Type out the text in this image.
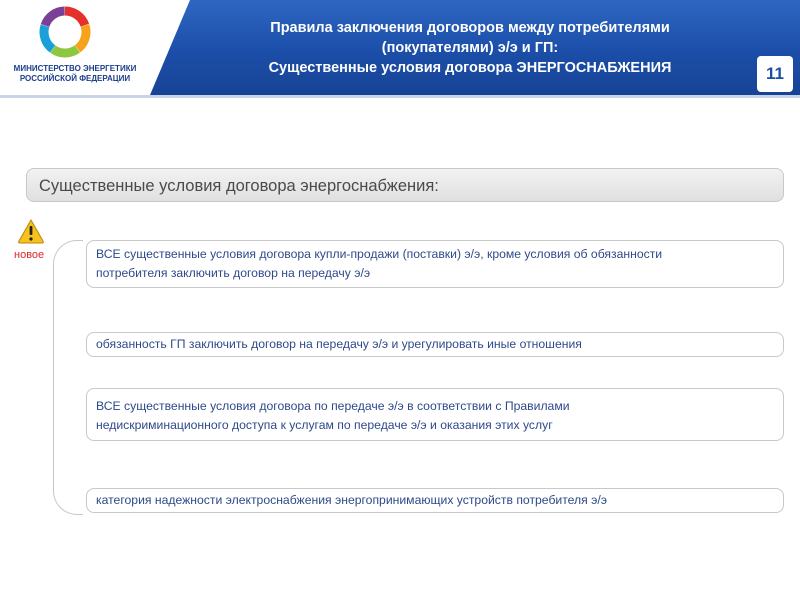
МИНИСТЕРСТВО ЭНЕРГЕТИКИ
РОССИЙСКОЙ ФЕДЕРАЦИИ
Правила заключения договоров между потребителями
(покупателями) э/э и ГП:
Существенные условия договора ЭНЕРГОСНАБЖЕНИЯ	11
Существенные условия договора энергоснабжения:
новое	ВСЕ существенные условия договора купли-продажи (поставки) э/э, кроме условия об обязанности
потребителя заключить договор на передачу э/э
обязанность ГП заключить договор на передачу э/э и урегулировать иные отношения
ВСЕ существенные условия договора по передаче э/э в соответствии с Правилами
недискриминационного доступа к услугам по передаче э/э и оказания этих услуг
категория надежности электроснабжения энергопринимающих устройств потребителя э/э
